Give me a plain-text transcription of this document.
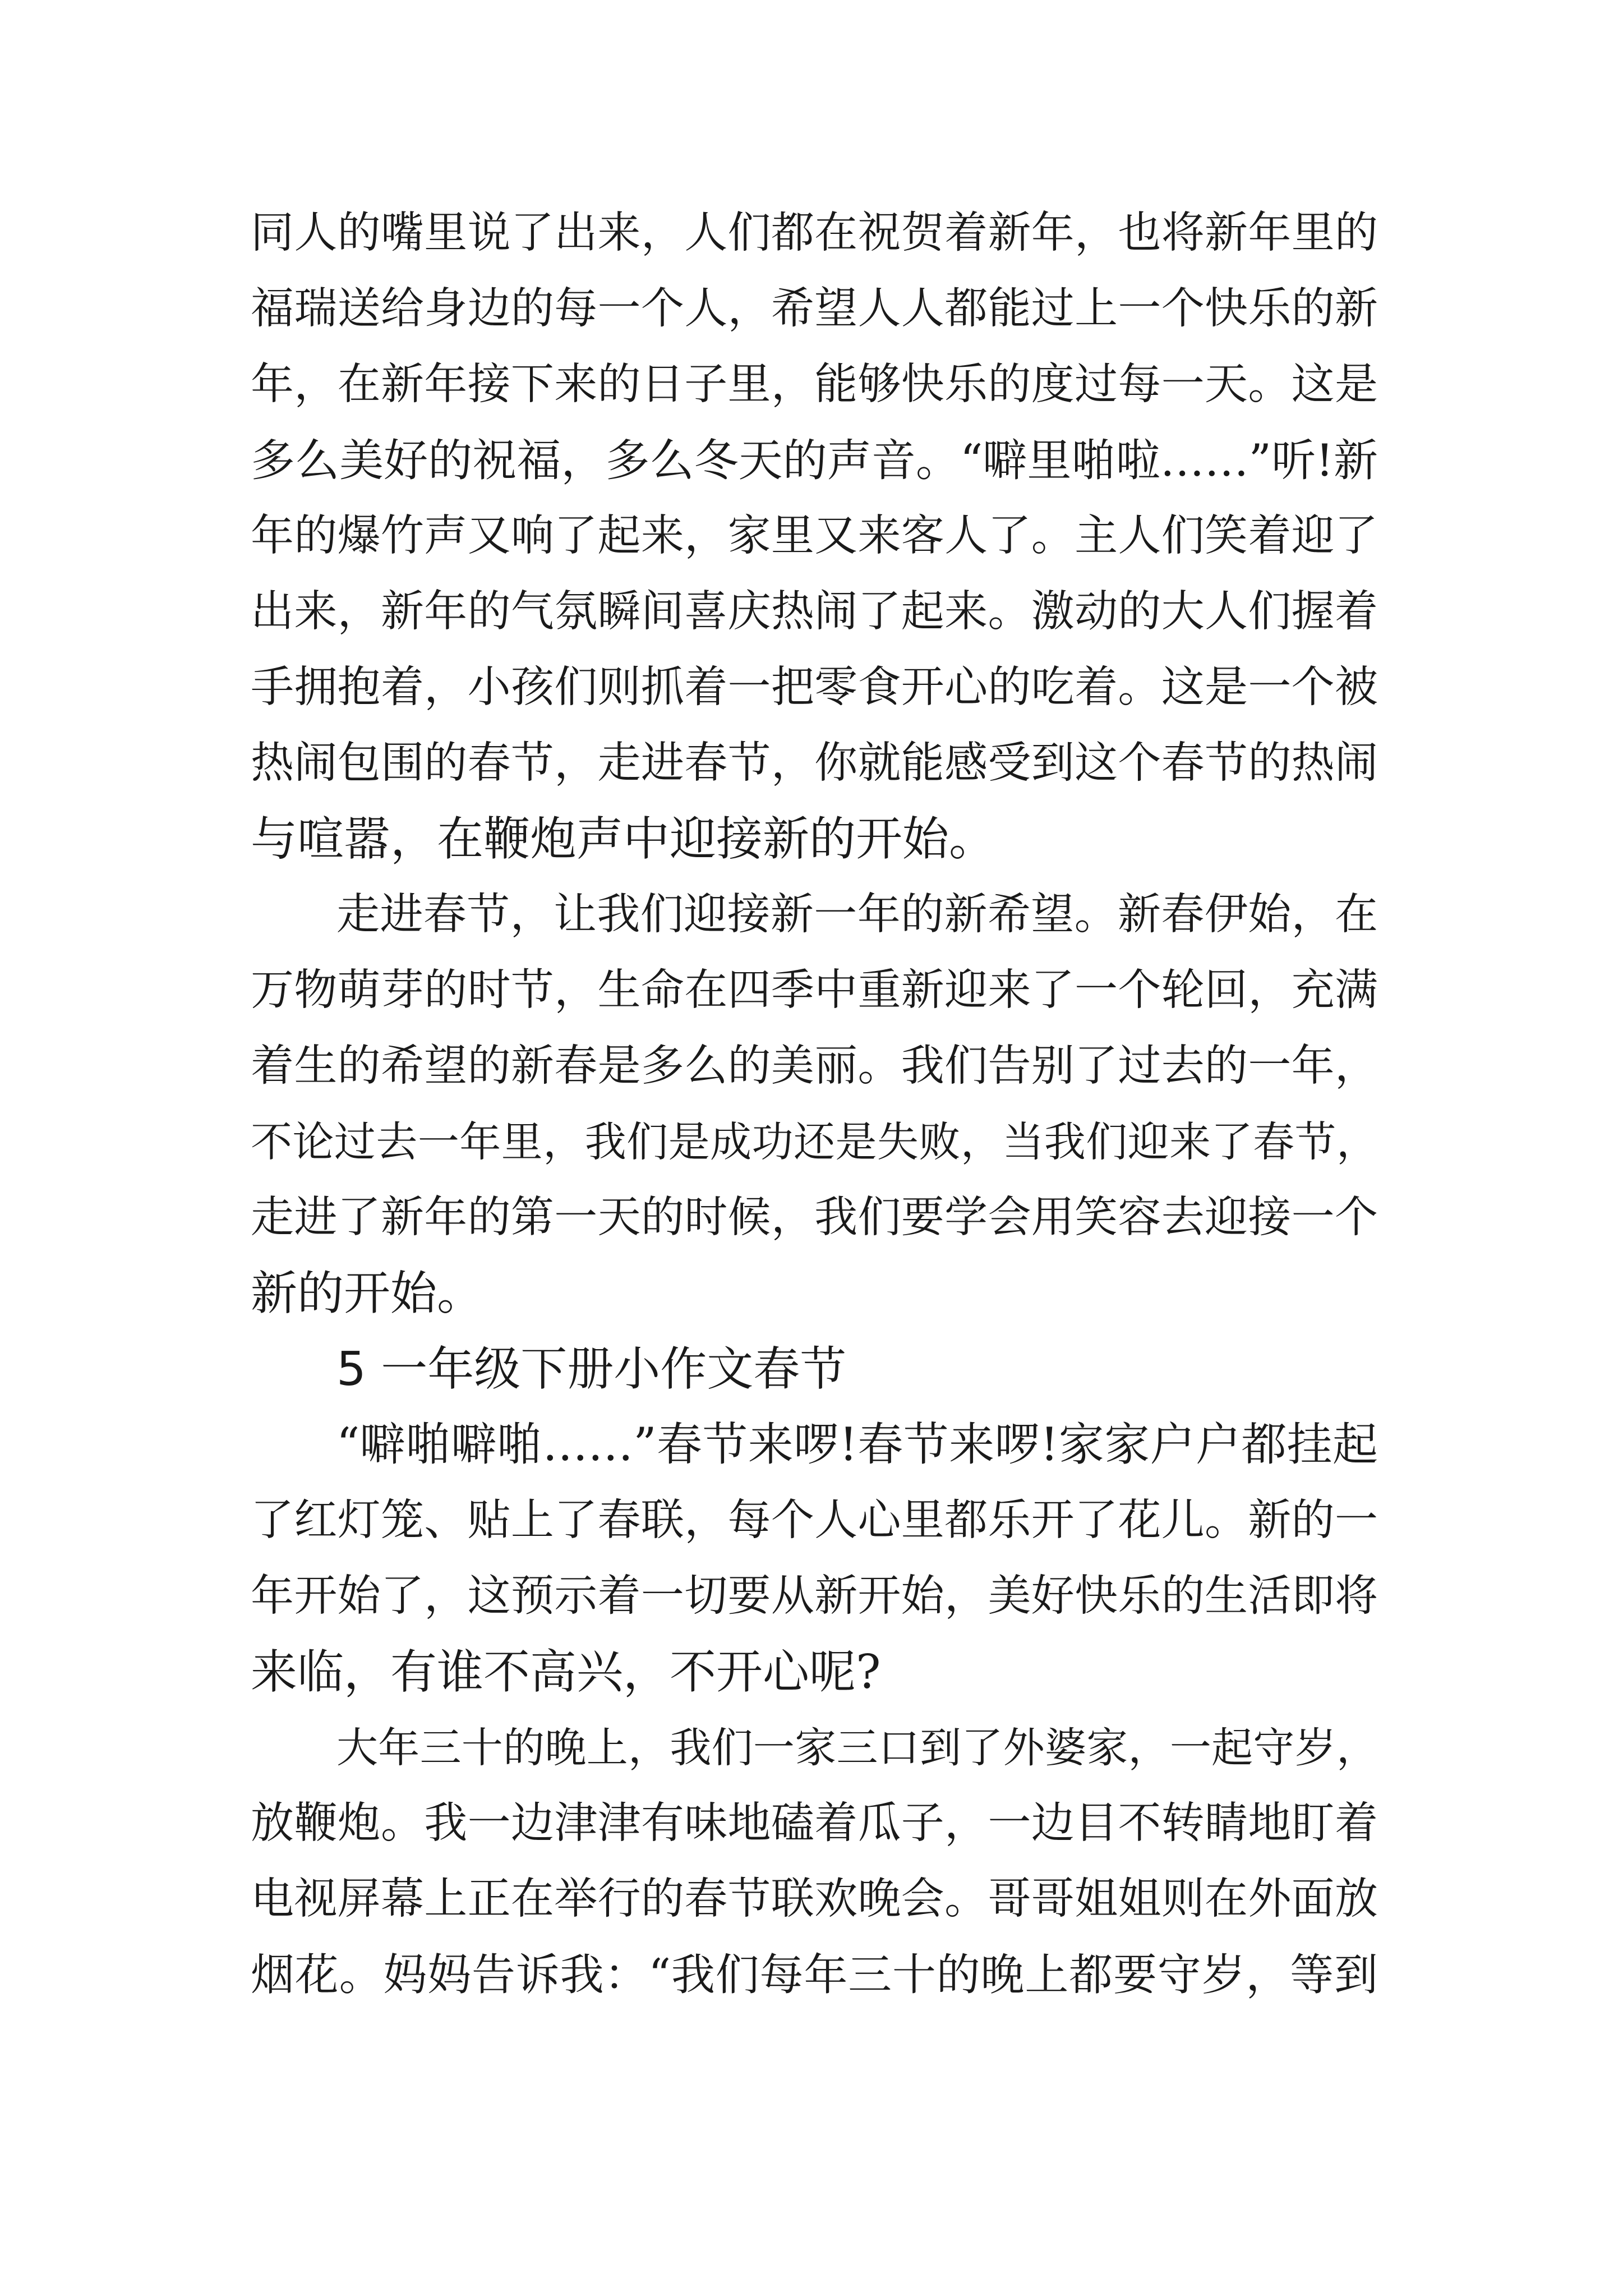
同人的嘴里说了出来，人们都在祝贺着新年，也将新年里的
福瑞送给身边的每一个人，希望人人都能过上一个快乐的新
年，在新年接下来的日子里，能够快乐的度过每一天。这是
多么美好的祝福，多么冬天的声音。“噼里啪啦……”听!新
年的爆竹声又响了起来，家里又来客人了。主人们笑着迎了
出来，新年的气氛瞬间喜庆热闹了起来。激动的大人们握着
手拥抱着，小孩们则抓着一把零食开心的吃着。这是一个被
热闹包围的春节，走进春节，你就能感受到这个春节的热闹
与喧嚣，在鞭炮声中迎接新的开始。
走进春节，让我们迎接新一年的新希望。新春伊始，在
万物萌芽的时节，生命在四季中重新迎来了一个轮回，充满
着生的希望的新春是多么的美丽。我们告别了过去的一年，
不论过去一年里，我们是成功还是失败，当我们迎来了春节，
走进了新年的第一天的时候，我们要学会用笑容去迎接一个
新的开始。
5 一年级下册小作文春节
“噼啪噼啪……”春节来啰!春节来啰!家家户户都挂起
了红灯笼、贴上了春联，每个人心里都乐开了花儿。新的一
年开始了，这预示着一切要从新开始，美好快乐的生活即将
来临，有谁不高兴，不开心呢?
大年三十的晚上，我们一家三口到了外婆家，一起守岁，
放鞭炮。我一边津津有味地磕着瓜子，一边目不转睛地盯着
电视屏幕上正在举行的春节联欢晚会。哥哥姐姐则在外面放
烟花。妈妈告诉我：“我们每年三十的晚上都要守岁，等到
